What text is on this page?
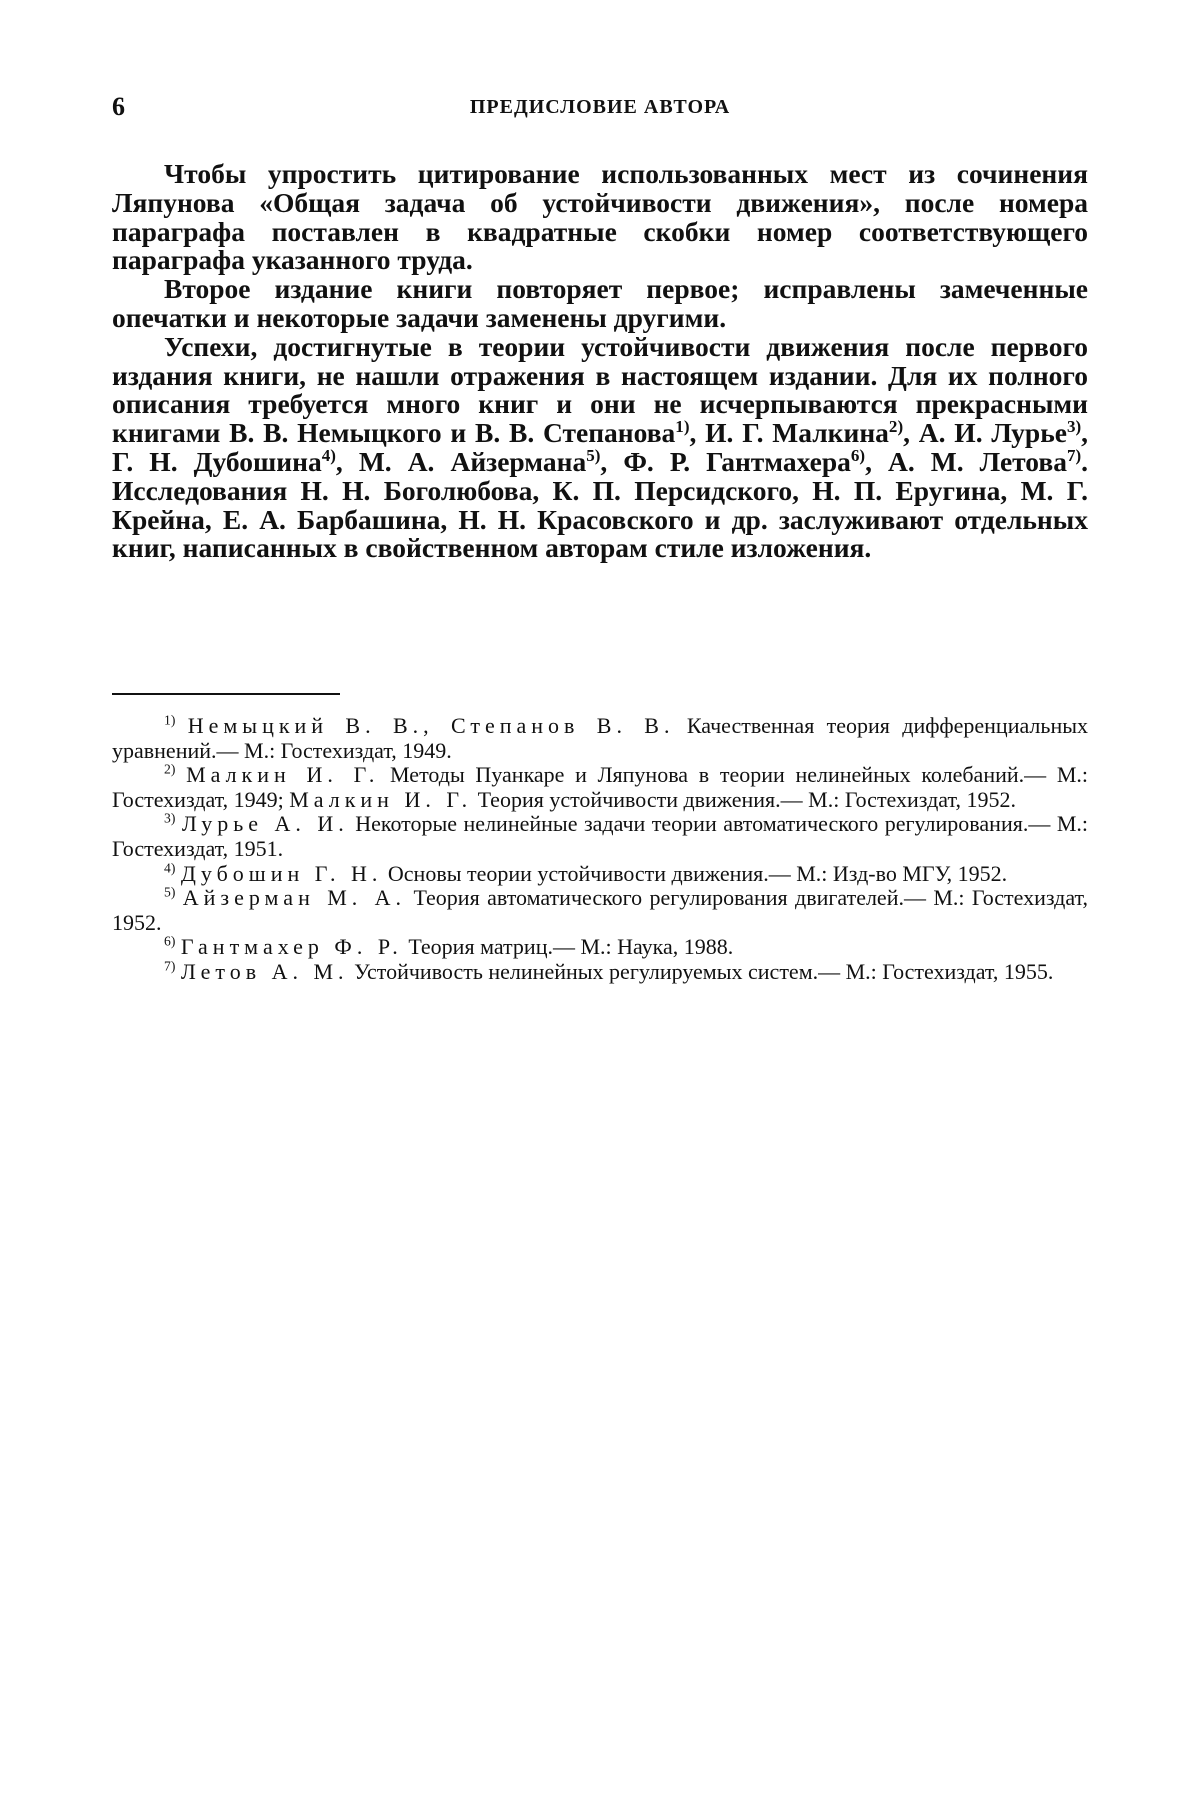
6	ПРЕДИСЛОВИЕ АВТОРА

Чтобы упростить цитирование использованных мест из сочинения Ляпунова «Общая задача об устойчивости движения», после номера параграфа поставлен в квадратные скобки номер соответствующего параграфа указанного труда.

Второе издание книги повторяет первое; исправлены замеченные опечатки и некоторые задачи заменены другими.

Успехи, достигнутые в теории устойчивости движения после первого издания книги, не нашли отражения в настоящем издании. Для их полного описания требуется много книг и они не исчерпываются прекрасными книгами В. В. Немыцкого и В. В. Степанова$^{1)}$, И. Г. Малкина$^{2)}$, А. И. Лурье$^{3)}$, Г. Н. Дубошина$^{4)}$, М. А. Айзермана$^{5)}$, Ф. Р. Гантмахера$^{6)}$, А. М. Летова$^{7)}$. Исследования Н. Н. Боголюбова, К. П. Персидского, Н. П. Еругина, М. Г. Крейна, Е. А. Барбашина, Н. Н. Красовского и др. заслуживают отдельных книг, написанных в свойственном авторам стиле изложения.

$^{1)}$ Немыцкий В. В., Степанов В. В. Качественная теория дифференциальных уравнений.— М.: Гостехиздат, 1949.

$^{2)}$ Малкин И. Г. Методы Пуанкаре и Ляпунова в теории нелинейных колебаний.— М.: Гостехиздат, 1949; Малкин И. Г. Теория устойчивости движения.— М.: Гостехиздат, 1952.

$^{3)}$ Лурье А. И. Некоторые нелинейные задачи теории автоматического регулирования.— М.: Гостехиздат, 1951.

$^{4)}$ Дубошин Г. Н. Основы теории устойчивости движения.— М.: Изд-во МГУ, 1952.

$^{5)}$ Айзерман М. А. Теория автоматического регулирования двигателей.— М.: Гостехиздат, 1952.

$^{6)}$ Гантмахер Ф. Р. Теория матриц.— М.: Наука, 1988.

$^{7)}$ Летов А. М. Устойчивость нелинейных регулируемых систем.— М.: Гостехиздат, 1955.
